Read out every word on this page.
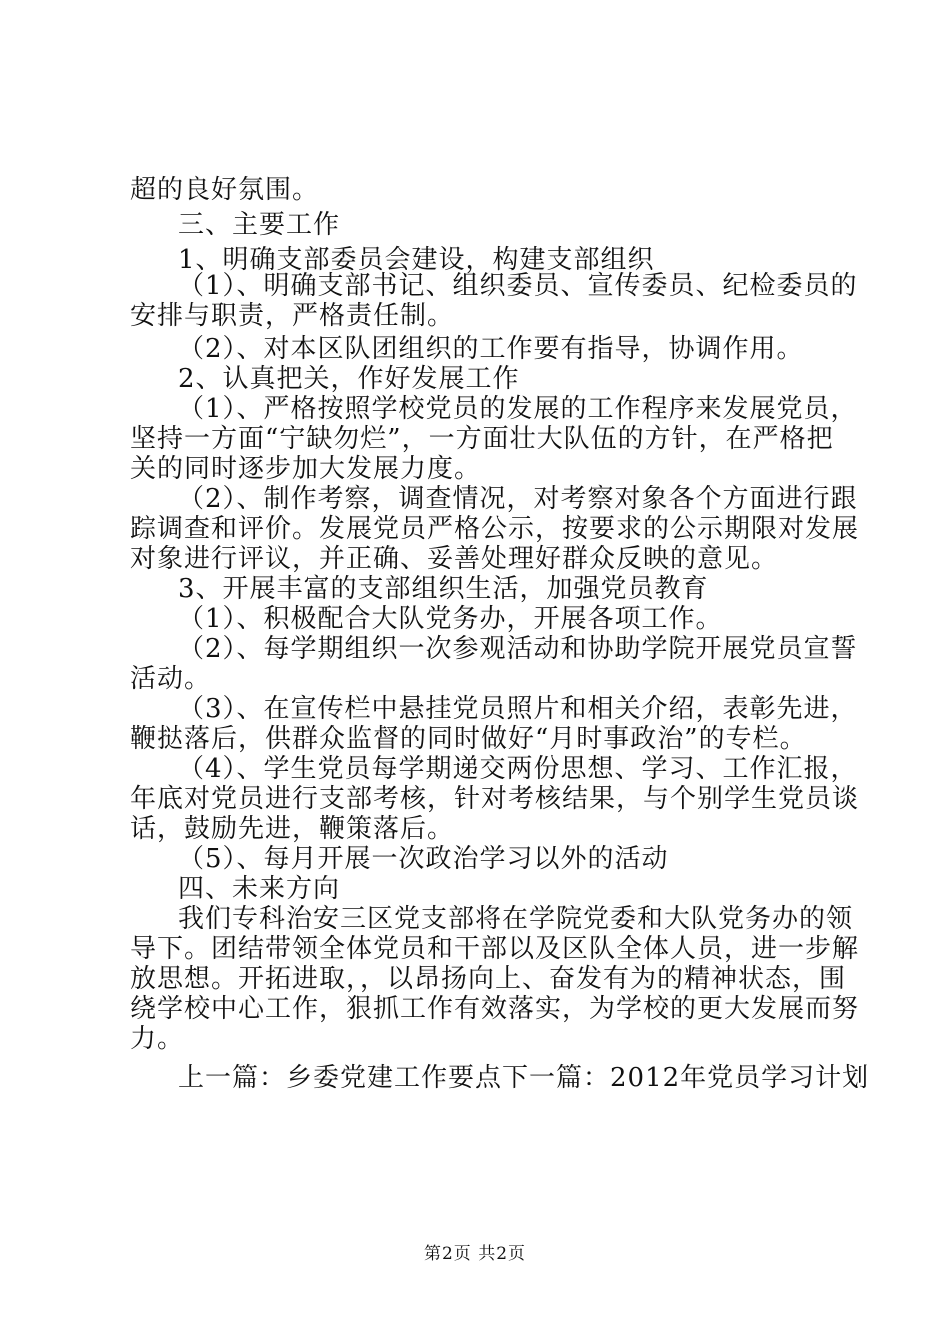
超的良好氛围。
三、主要工作
1、明确支部委员会建设，构建支部组织
（1）、明确支部书记、组织委员、宣传委员、纪检委员的
安排与职责，严格责任制。
（2）、对本区队团组织的工作要有指导，协调作用。
2、认真把关，作好发展工作
（1）、严格按照学校党员的发展的工作程序来发展党员，
坚持一方面“宁缺勿烂”，一方面壮大队伍的方针，在严格把
关的同时逐步加大发展力度。
（2）、制作考察，调查情况，对考察对象各个方面进行跟
踪调查和评价。发展党员严格公示，按要求的公示期限对发展
对象进行评议，并正确、妥善处理好群众反映的意见。
3、开展丰富的支部组织生活，加强党员教育
（1）、积极配合大队党务办，开展各项工作。
（2）、每学期组织一次参观活动和协助学院开展党员宣誓
活动。
（3）、在宣传栏中悬挂党员照片和相关介绍，表彰先进，
鞭挞落后，供群众监督的同时做好“月时事政治”的专栏。
（4）、学生党员每学期递交两份思想、学习、工作汇报，
年底对党员进行支部考核，针对考核结果，与个别学生党员谈
话，鼓励先进，鞭策落后。
（5）、每月开展一次政治学习以外的活动
四、未来方向
我们专科治安三区党支部将在学院党委和大队党务办的领
导下。团结带领全体党员和干部以及区队全体人员，进一步解
放思想。开拓进取，，以昂扬向上、奋发有为的精神状态，围
绕学校中心工作，狠抓工作有效落实，为学校的更大发展而努
力。
上一篇：乡委党建工作要点下一篇：2012年党员学习计划
第2页 共2页
